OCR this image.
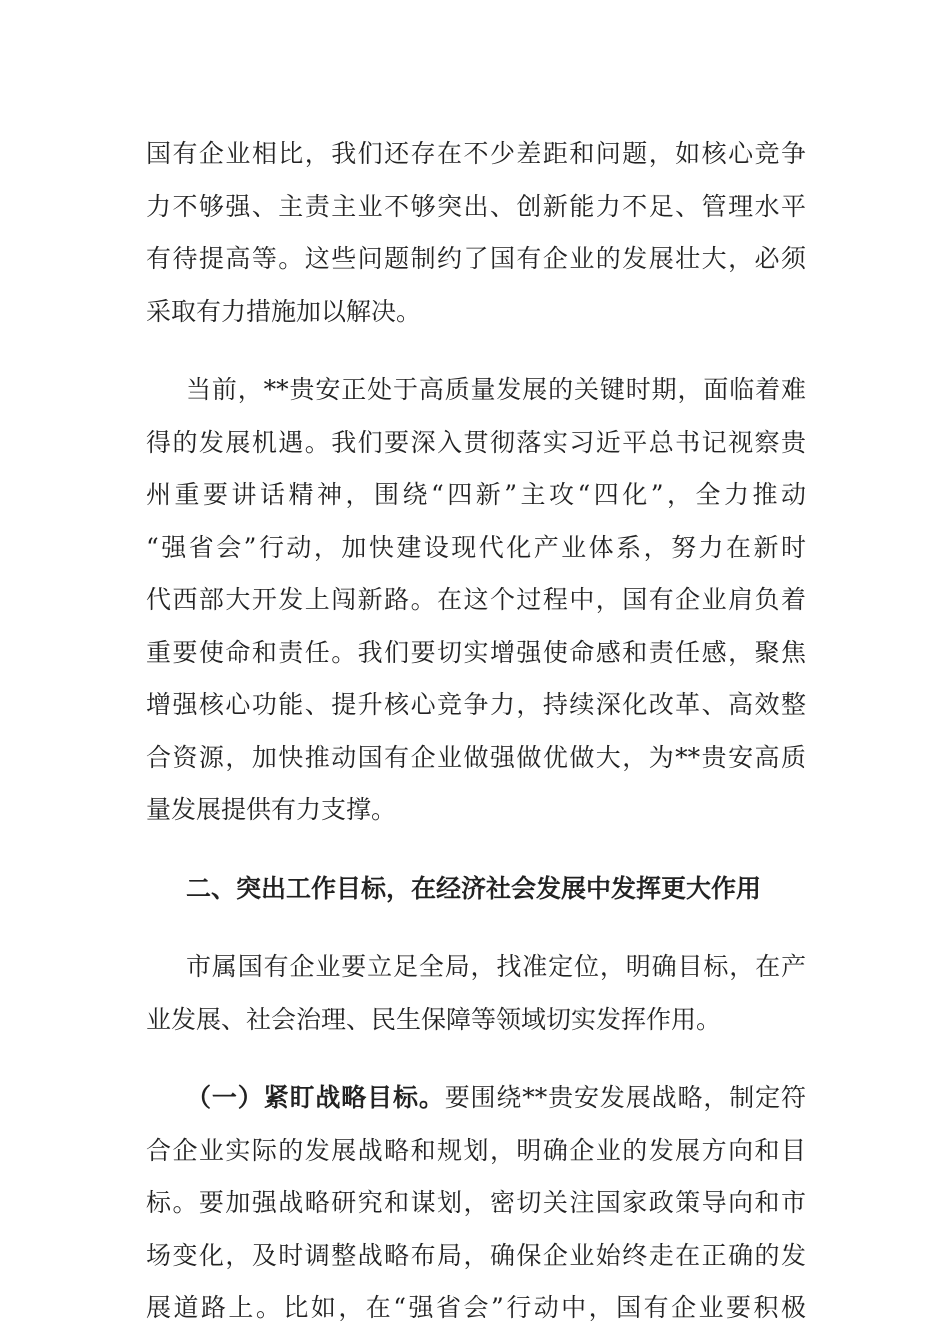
国有企业相比，我们还存在不少差距和问题，如核心竞争
力不够强、主责主业不够突出、创新能力不足、管理水平
有待提高等。这些问题制约了国有企业的发展壮大，必须
采取有力措施加以解决。
当前，**贵安正处于高质量发展的关键时期，面临着难
得的发展机遇。我们要深入贯彻落实习近平总书记视察贵
州重要讲话精神，围绕“四新”主攻“四化”，全力推动
“强省会”行动，加快建设现代化产业体系，努力在新时
代西部大开发上闯新路。在这个过程中，国有企业肩负着
重要使命和责任。我们要切实增强使命感和责任感，聚焦
增强核心功能、提升核心竞争力，持续深化改革、高效整
合资源，加快推动国有企业做强做优做大，为**贵安高质
量发展提供有力支撑。
二、突出工作目标，在经济社会发展中发挥更大作用
市属国有企业要立足全局，找准定位，明确目标，在产
业发展、社会治理、民生保障等领域切实发挥作用。
（一）紧盯战略目标。要围绕**贵安发展战略，制定符
合企业实际的发展战略和规划，明确企业的发展方向和目
标。要加强战略研究和谋划，密切关注国家政策导向和市
场变化，及时调整战略布局，确保企业始终走在正确的发
展道路上。比如，在“强省会”行动中，国有企业要积极
